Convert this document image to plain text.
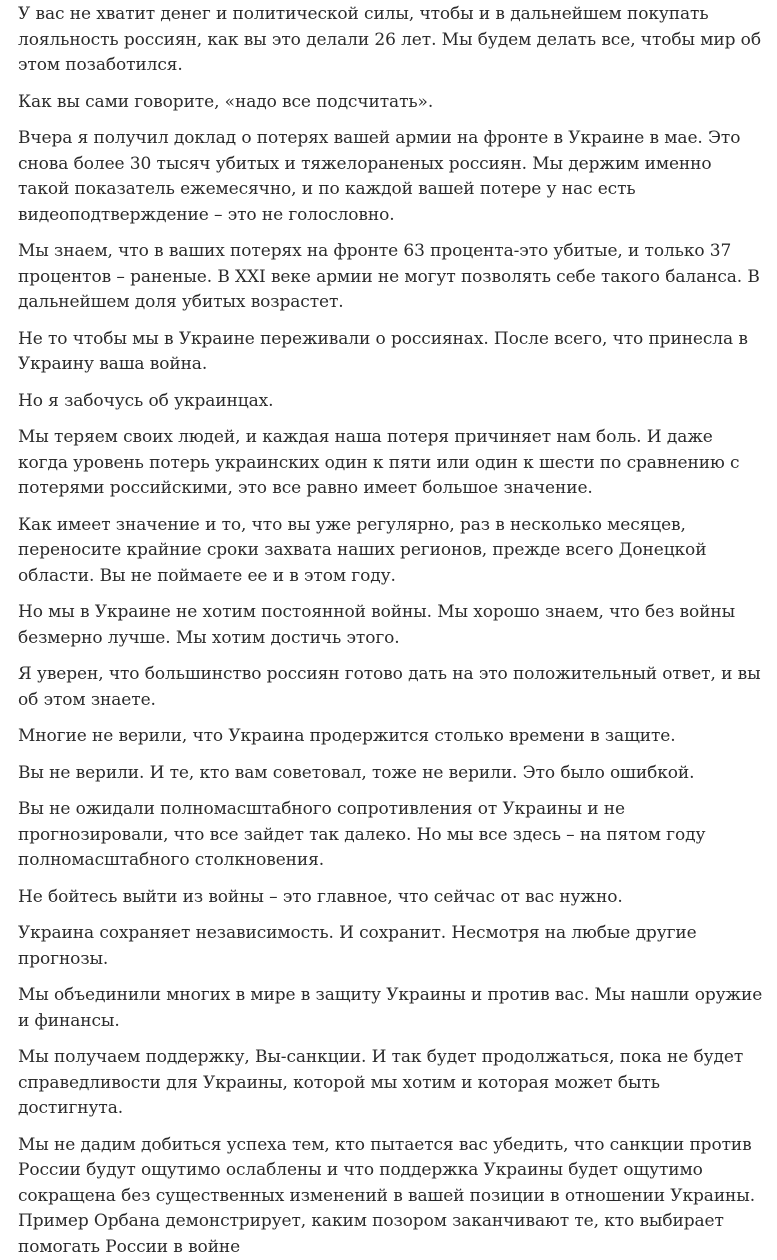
У вас не хватит денег и политической силы, чтобы и в дальнейшем покупать лояльность россиян, как вы это делали 26 лет. Мы будем делать все, чтобы мир об этом позаботился.

Как вы сами говорите, «надо все подсчитать».

Вчера я получил доклад о потерях вашей армии на фронте в Украине в мае. Это снова более 30 тысяч убитых и тяжелораненых россиян. Мы держим именно такой показатель ежемесячно, и по каждой вашей потере у нас есть видеоподтверждение – это не голословно.

Мы знаем, что в ваших потерях на фронте 63 процента-это убитые, и только 37 процентов – раненые. В XXI веке армии не могут позволять себе такого баланса. В дальнейшем доля убитых возрастет.

Не то чтобы мы в Украине переживали о россиянах. После всего, что принесла в Украину ваша война.

Но я забочусь об украинцах.

Мы теряем своих людей, и каждая наша потеря причиняет нам боль. И даже когда уровень потерь украинских один к пяти или один к шести по сравнению с потерями российскими, это все равно имеет большое значение.

Как имеет значение и то, что вы уже регулярно, раз в несколько месяцев, переносите крайние сроки захвата наших регионов, прежде всего Донецкой области. Вы не поймаете ее и в этом году.

Но мы в Украине не хотим постоянной войны. Мы хорошо знаем, что без войны безмерно лучше. Мы хотим достичь этого.

Я уверен, что большинство россиян готово дать на это положительный ответ, и вы об этом знаете.

Многие не верили, что Украина продержится столько времени в защите.

Вы не верили. И те, кто вам советовал, тоже не верили. Это было ошибкой.

Вы не ожидали полномасштабного сопротивления от Украины и не прогнозировали, что все зайдет так далеко. Но мы все здесь – на пятом году полномасштабного столкновения.

Не бойтесь выйти из войны – это главное, что сейчас от вас нужно.

Украина сохраняет независимость. И сохранит. Несмотря на любые другие прогнозы.

Мы объединили многих в мире в защиту Украины и против вас. Мы нашли оружие и финансы.

Мы получаем поддержку, Вы-санкции. И так будет продолжаться, пока не будет справедливости для Украины, которой мы хотим и которая может быть достигнута.

Мы не дадим добиться успеха тем, кто пытается вас убедить, что санкции против России будут ощутимо ослаблены и что поддержка Украины будет ощутимо сокращена без существенных изменений в вашей позиции в отношении Украины. Пример Орбана демонстрирует, каким позором заканчивают те, кто выбирает помогать России в войне
